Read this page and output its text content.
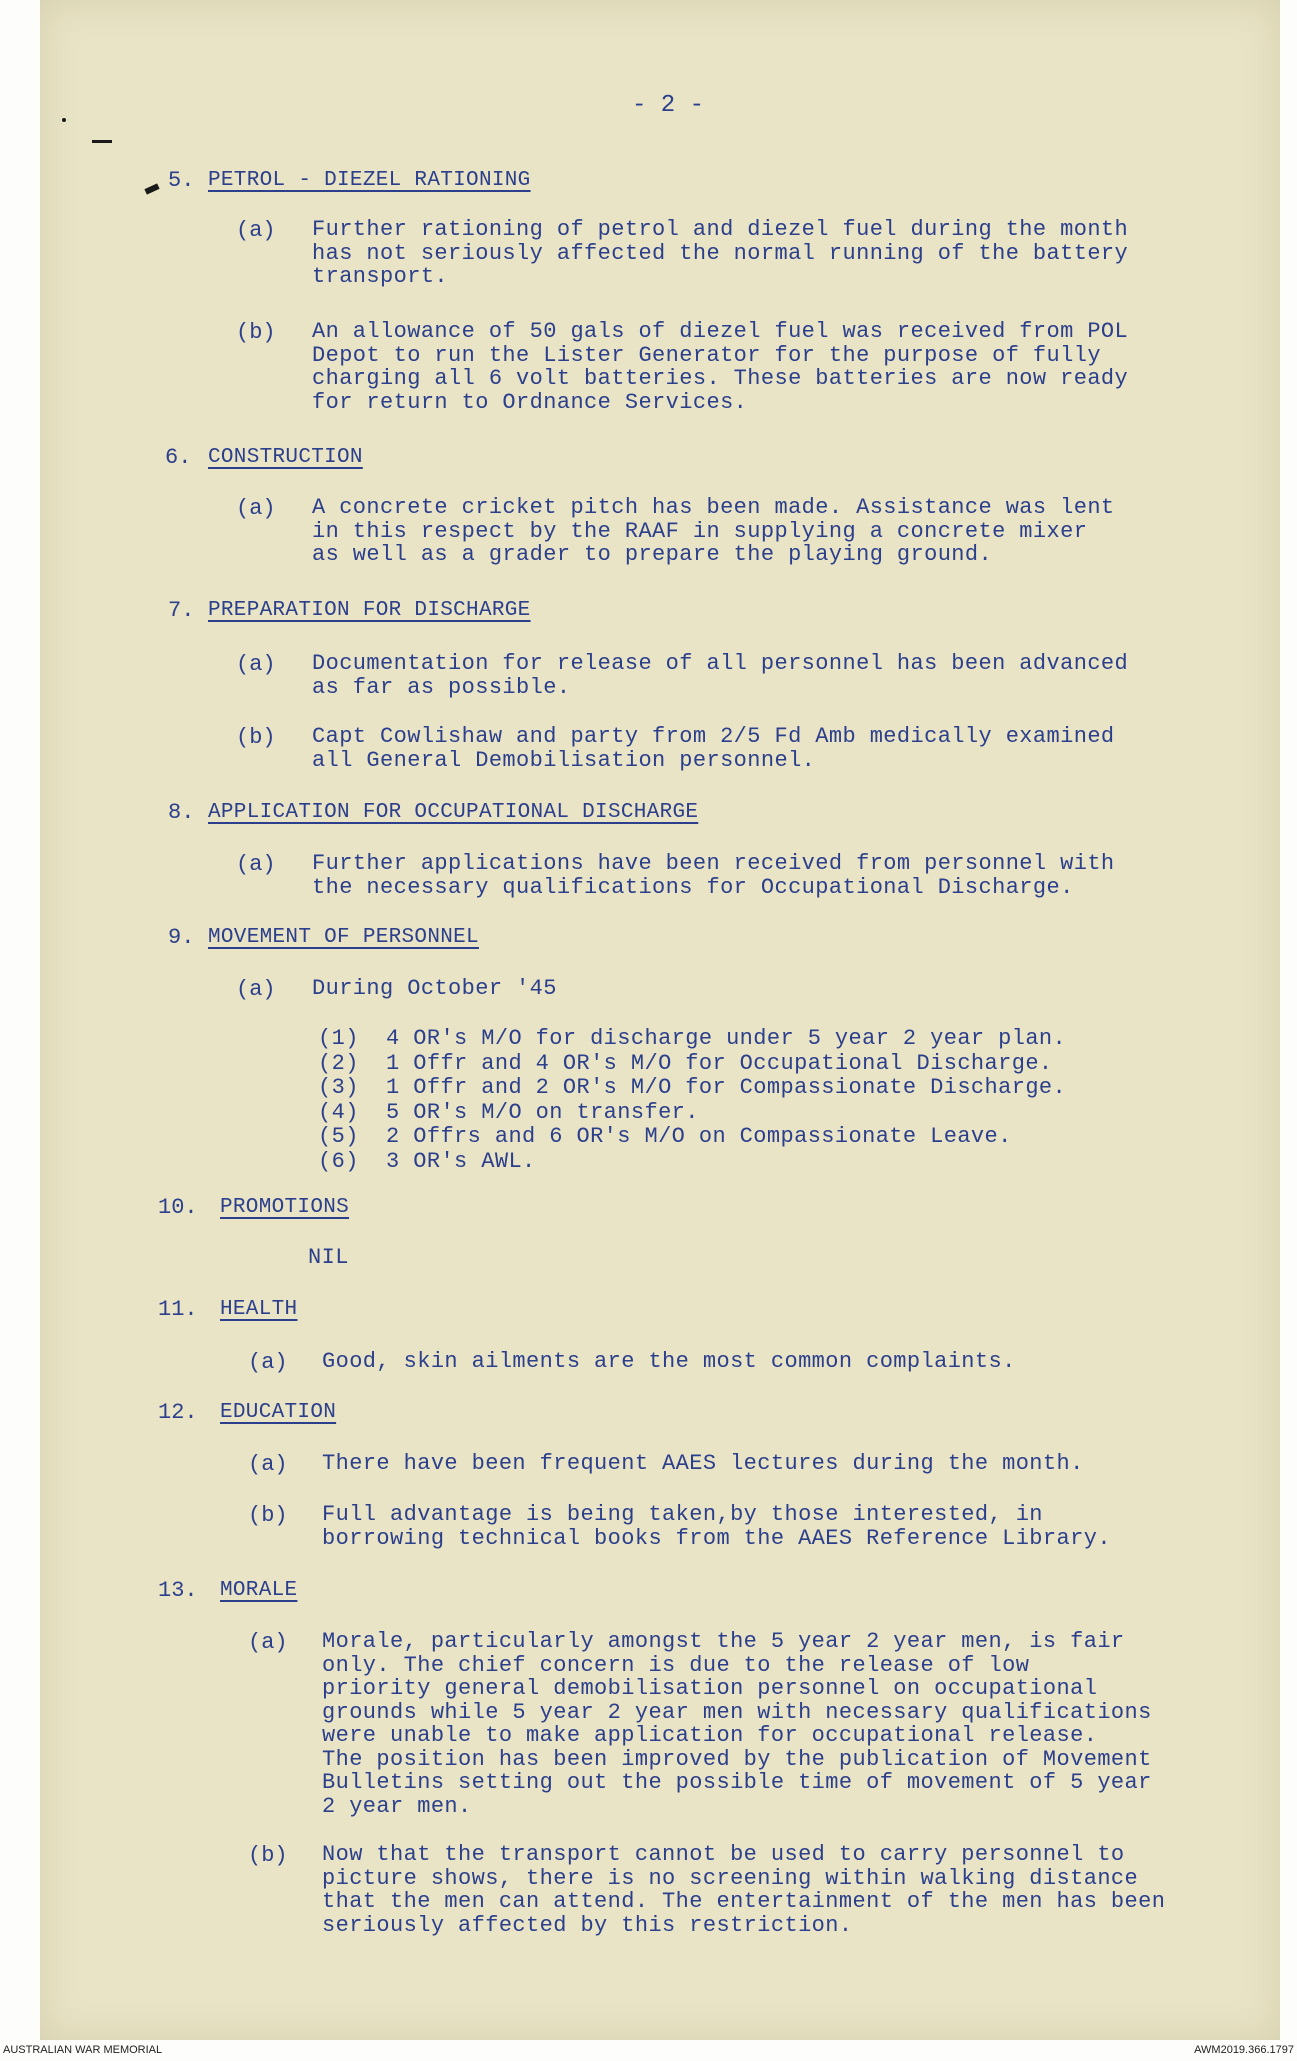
- 2 -
5. PETROL - DIEZEL RATIONING
(a) Further rationing of petrol and diezel fuel during the month
has not seriously affected the normal running of the battery
transport.
(b) An allowance of 50 gals of diezel fuel was received from POL
Depot to run the Lister Generator for the purpose of fully
charging all 6 volt batteries. These batteries are now ready
for return to Ordnance Services.
6. CONSTRUCTION
(a) A concrete cricket pitch has been made. Assistance was lent
in this respect by the RAAF in supplying a concrete mixer
as well as a grader to prepare the playing ground.
7. PREPARATION FOR DISCHARGE
(a) Documentation for release of all personnel has been advanced
as far as possible.
(b) Capt Cowlishaw and party from 2/5 Fd Amb medically examined
all General Demobilisation personnel.
8. APPLICATION FOR OCCUPATIONAL DISCHARGE
(a) Further applications have been received from personnel with
the necessary qualifications for Occupational Discharge.
9. MOVEMENT OF PERSONNEL
(a) During October '45
(1) 4 OR's M/O for discharge under 5 year 2 year plan.
(2) 1 Offr and 4 OR's M/O for Occupational Discharge.
(3) 1 Offr and 2 OR's M/O for Compassionate Discharge.
(4) 5 OR's M/O on transfer.
(5) 2 Offrs and 6 OR's M/O on Compassionate Leave.
(6) 3 OR's AWL.
10. PROMOTIONS
NIL
11. HEALTH
(a) Good, skin ailments are the most common complaints.
12. EDUCATION
(a) There have been frequent AAES lectures during the month.
(b) Full advantage is being taken,by those interested, in
borrowing technical books from the AAES Reference Library.
13. MORALE
(a) Morale, particularly amongst the 5 year 2 year men, is fair
only. The chief concern is due to the release of low
priority general demobilisation personnel on occupational
grounds while 5 year 2 year men with necessary qualifications
were unable to make application for occupational release.
The position has been improved by the publication of Movement
Bulletins setting out the possible time of movement of 5 year
2 year men.
(b) Now that the transport cannot be used to carry personnel to
picture shows, there is no screening within walking distance
that the men can attend. The entertainment of the men has been
seriously affected by this restriction.
AUSTRALIAN WAR MEMORIAL	AWM2019.366.1797
